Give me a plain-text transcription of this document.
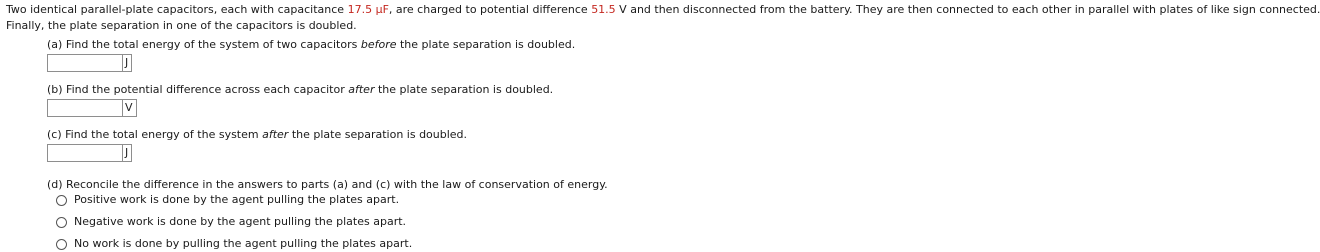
Two identical parallel-plate capacitors, each with capacitance 17.5 μF, are charged to potential difference 51.5 V and then disconnected from the battery. They are then connected to each other in parallel with plates of like sign connected.
Finally, the plate separation in one of the capacitors is doubled.
(a) Find the total energy of the system of two capacitors before the plate separation is doubled.
J
(b) Find the potential difference across each capacitor after the plate separation is doubled.
V
(c) Find the total energy of the system after the plate separation is doubled.
J
(d) Reconcile the difference in the answers to parts (a) and (c) with the law of conservation of energy.
Positive work is done by the agent pulling the plates apart.
Negative work is done by the agent pulling the plates apart.
No work is done by pulling the agent pulling the plates apart.
